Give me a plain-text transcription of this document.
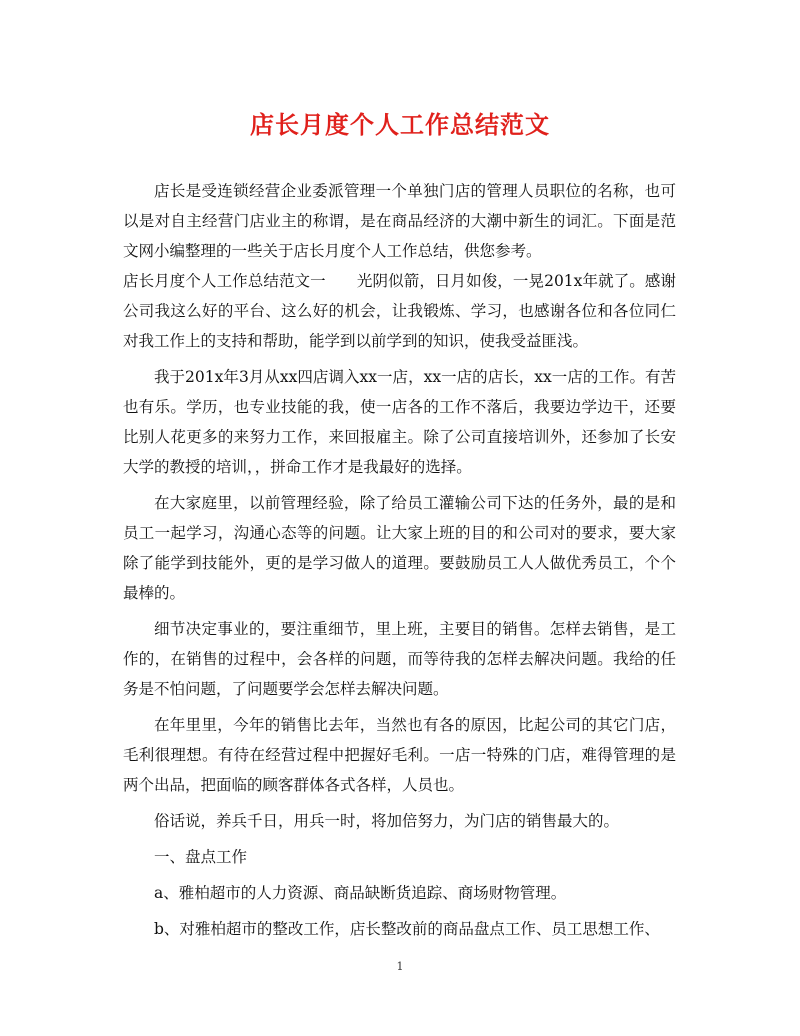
店长月度个人工作总结范文

店长是受连锁经营企业委派管理一个单独门店的管理人员职位的名称，也可以是对自主经营门店业主的称谓，是在商品经济的大潮中新生的词汇。下面是范文网小编整理的一些关于店长月度个人工作总结，供您参考。

店长月度个人工作总结范文一　　光阴似箭，日月如俊，一晃201x年就了。感谢公司我这么好的平台、这么好的机会，让我锻炼、学习，也感谢各位和各位同仁对我工作上的支持和帮助，能学到以前学到的知识，使我受益匪浅。

我于201x年3月从xx四店调入xx一店，xx一店的店长，xx一店的工作。有苦也有乐。学历，也专业技能的我，使一店各的工作不落后，我要边学边干，还要比别人花更多的来努力工作，来回报雇主。除了公司直接培训外，还参加了长安大学的教授的培训，，拼命工作才是我最好的选择。

在大家庭里，以前管理经验，除了给员工灌输公司下达的任务外，最的是和员工一起学习，沟通心态等的问题。让大家上班的目的和公司对的要求，要大家除了能学到技能外，更的是学习做人的道理。要鼓励员工人人做优秀员工，个个最棒的。

细节决定事业的，要注重细节，里上班，主要目的销售。怎样去销售，是工作的，在销售的过程中，会各样的问题，而等待我的怎样去解决问题。我给的任务是不怕问题，了问题要学会怎样去解决问题。

在年里里，今年的销售比去年，当然也有各的原因，比起公司的其它门店，毛利很理想。有待在经营过程中把握好毛利。一店一特殊的门店，难得管理的是两个出品，把面临的顾客群体各式各样，人员也。

俗话说，养兵千日，用兵一时，将加倍努力，为门店的销售最大的。

一、盘点工作

a、雅柏超市的人力资源、商品缺断货追踪、商场财物管理。

b、对雅柏超市的整改工作，店长整改前的商品盘点工作、员工思想工作、

1
